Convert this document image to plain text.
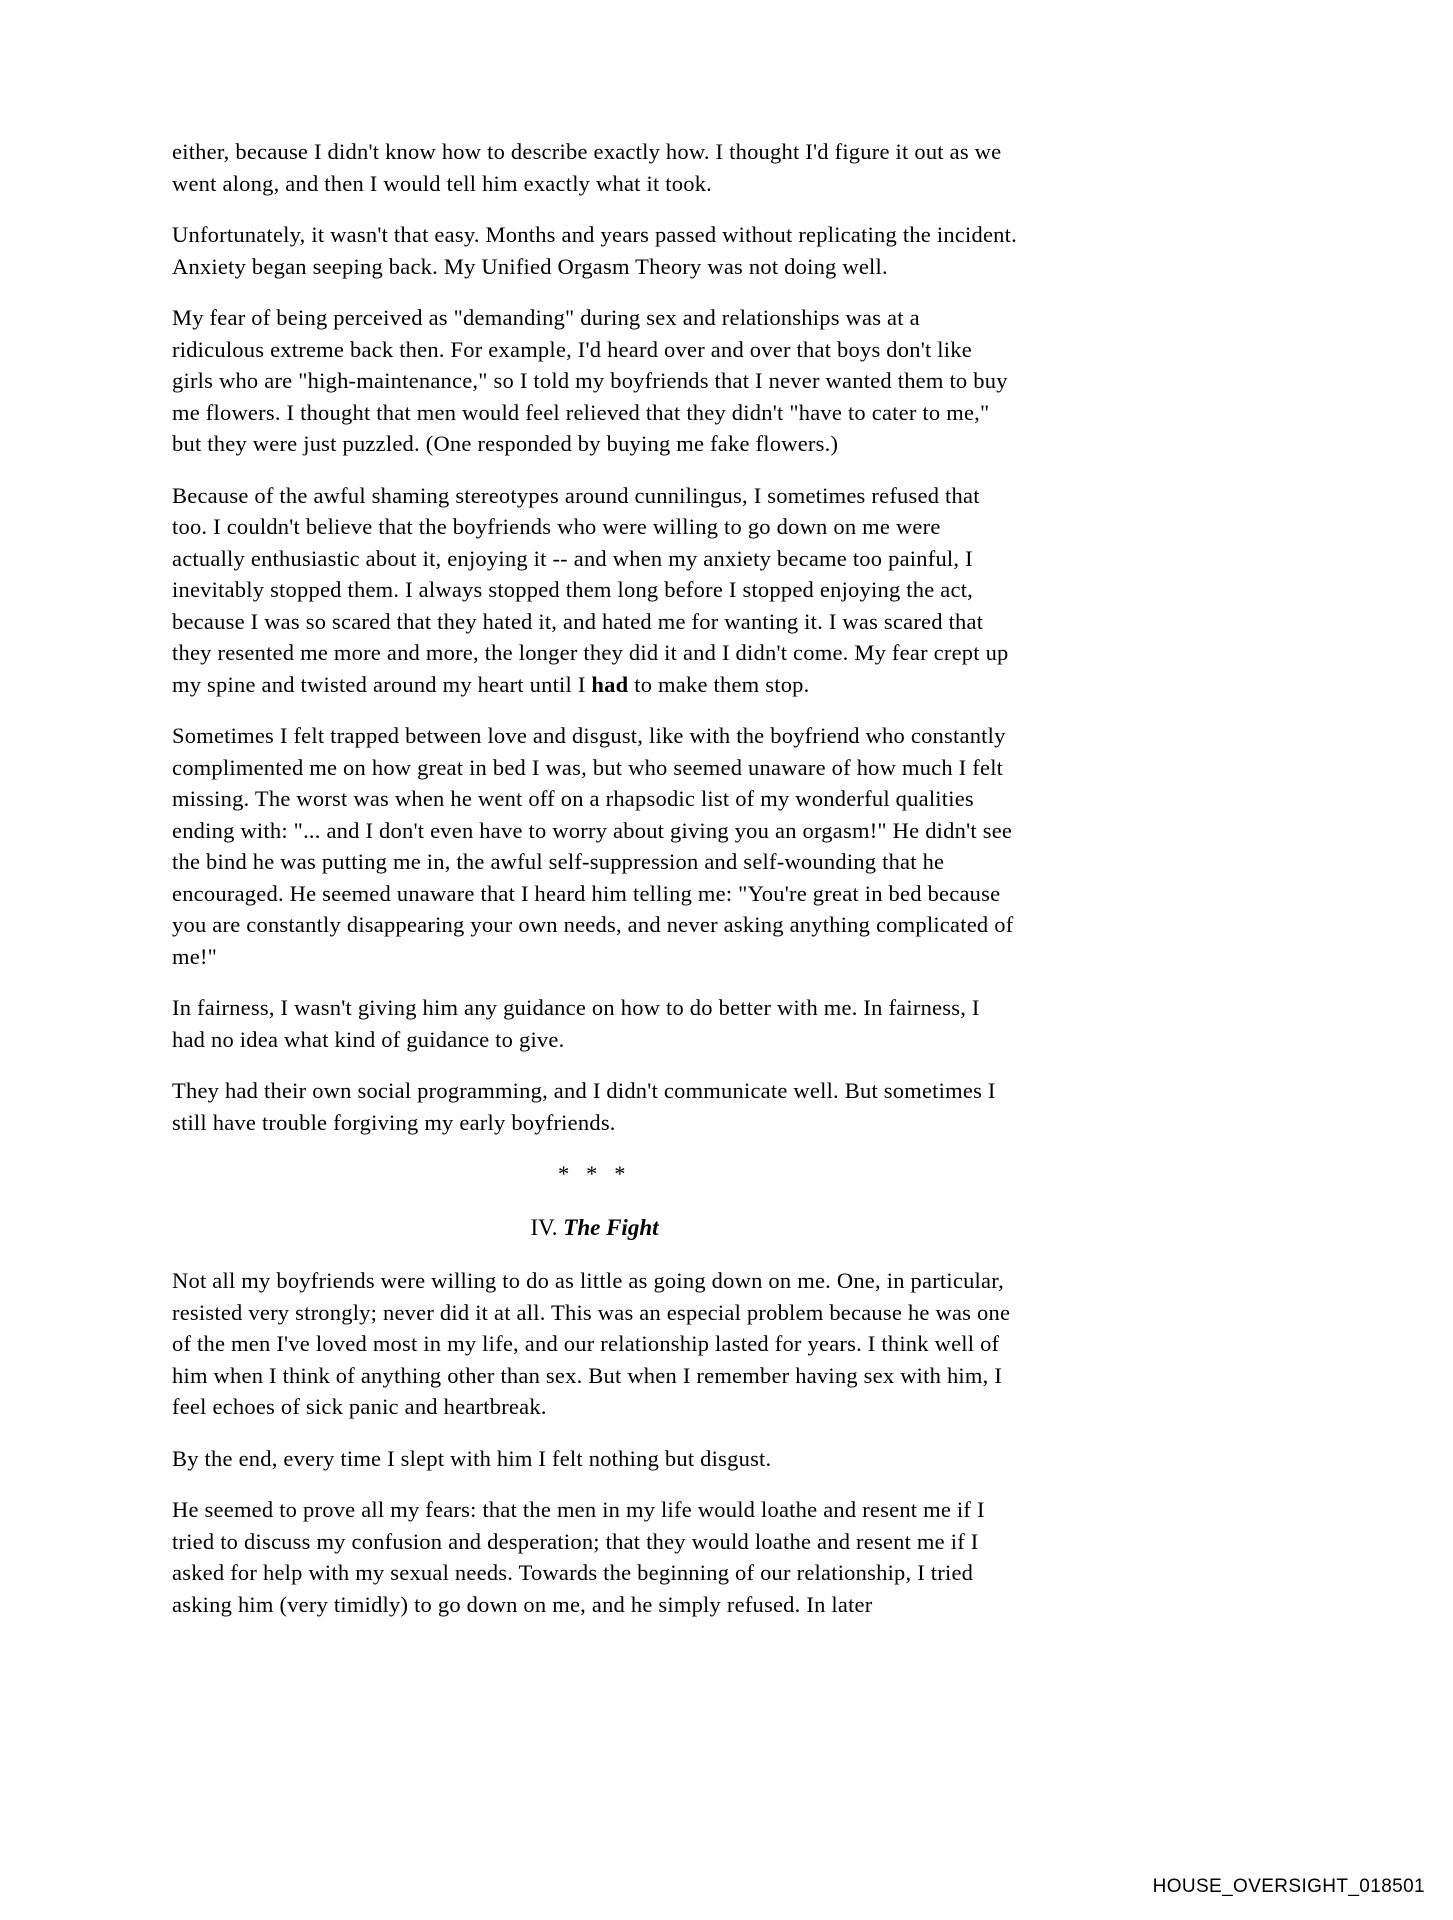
either, because I didn't know how to describe exactly how. I thought I'd figure it out as we went along, and then I would tell him exactly what it took.

Unfortunately, it wasn't that easy. Months and years passed without replicating the incident. Anxiety began seeping back. My Unified Orgasm Theory was not doing well.

My fear of being perceived as "demanding" during sex and relationships was at a ridiculous extreme back then. For example, I'd heard over and over that boys don't like girls who are "high-maintenance," so I told my boyfriends that I never wanted them to buy me flowers. I thought that men would feel relieved that they didn't "have to cater to me," but they were just puzzled. (One responded by buying me fake flowers.)

Because of the awful shaming stereotypes around cunnilingus, I sometimes refused that too. I couldn't believe that the boyfriends who were willing to go down on me were actually enthusiastic about it, enjoying it -- and when my anxiety became too painful, I inevitably stopped them. I always stopped them long before I stopped enjoying the act, because I was so scared that they hated it, and hated me for wanting it. I was scared that they resented me more and more, the longer they did it and I didn't come. My fear crept up my spine and twisted around my heart until I had to make them stop.

Sometimes I felt trapped between love and disgust, like with the boyfriend who constantly complimented me on how great in bed I was, but who seemed unaware of how much I felt missing. The worst was when he went off on a rhapsodic list of my wonderful qualities ending with: "... and I don't even have to worry about giving you an orgasm!" He didn't see the bind he was putting me in, the awful self-suppression and self-wounding that he encouraged. He seemed unaware that I heard him telling me: "You're great in bed because you are constantly disappearing your own needs, and never asking anything complicated of me!"

In fairness, I wasn't giving him any guidance on how to do better with me. In fairness, I had no idea what kind of guidance to give.

They had their own social programming, and I didn't communicate well. But sometimes I still have trouble forgiving my early boyfriends.

* * *
IV. The Fight

Not all my boyfriends were willing to do as little as going down on me. One, in particular, resisted very strongly; never did it at all. This was an especial problem because he was one of the men I've loved most in my life, and our relationship lasted for years. I think well of him when I think of anything other than sex. But when I remember having sex with him, I feel echoes of sick panic and heartbreak.

By the end, every time I slept with him I felt nothing but disgust.

He seemed to prove all my fears: that the men in my life would loathe and resent me if I tried to discuss my confusion and desperation; that they would loathe and resent me if I asked for help with my sexual needs. Towards the beginning of our relationship, I tried asking him (very timidly) to go down on me, and he simply refused. In later

HOUSE_OVERSIGHT_018501
